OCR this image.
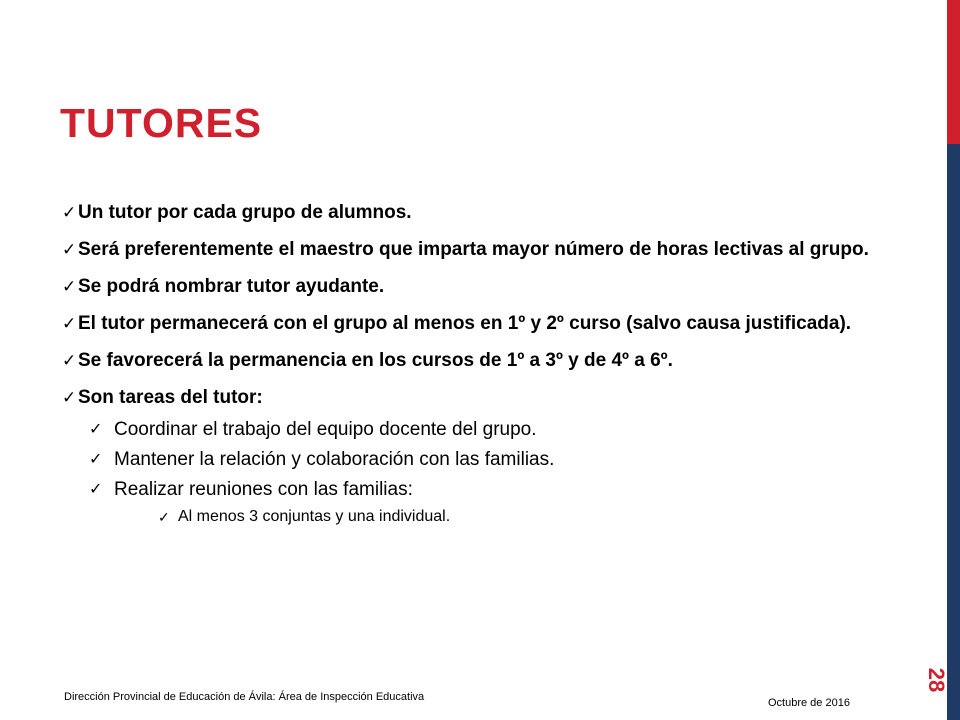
TUTORES
✓ Un tutor por cada grupo de alumnos.
✓ Será preferentemente el maestro que imparta mayor número de horas lectivas al grupo.
✓ Se podrá nombrar tutor ayudante.
✓ El tutor permanecerá con el grupo al menos en 1º y 2º curso (salvo causa justificada).
✓ Se favorecerá la permanencia en los cursos de 1º a 3º y de 4º a 6º.
✓ Son tareas del tutor:
✓ Coordinar el trabajo del equipo docente del grupo.
✓ Mantener la relación y colaboración con las familias.
✓ Realizar reuniones con las familias:
✓ Al menos 3 conjuntas y una individual.
Dirección Provincial de Educación de Ávila: Área de Inspección Educativa	Octubre de 2016
28
